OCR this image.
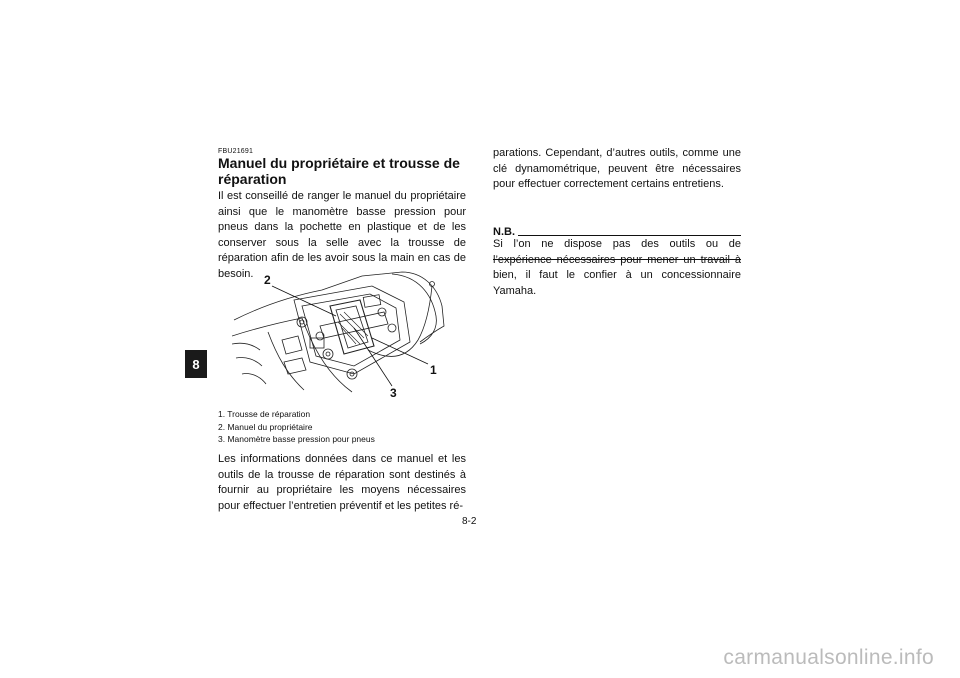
8
FBU21691
Manuel du propriétaire et trousse de réparation

Il est conseillé de ranger le manuel du propriétaire ainsi que le manomètre basse pression pour pneus dans la pochette en plastique et de les conserver sous la selle avec la trousse de réparation afin de les avoir sous la main en cas de besoin. 2
1
3
1. Trousse de réparation
2. Manuel du propriétaire
3. Manomètre basse pression pour pneus

Les informations données dans ce manuel et les outils de la trousse de réparation sont destinés à fournir au propriétaire les moyens nécessaires pour effectuer l’entretien préventif et les petites ré-

parations. Cependant, d’autres outils, comme une clé dynamométrique, peuvent être nécessaires pour effectuer correctement certains entretiens.

N.B.

Si l’on ne dispose pas des outils ou de l’expérience nécessaires pour mener un travail à bien, il faut le confier à un concessionnaire Yamaha.

8-2
carmanualsonline.info
